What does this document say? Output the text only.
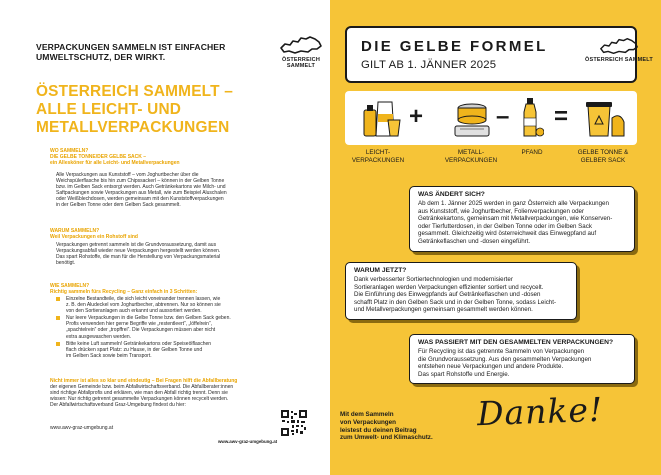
VERPACKUNGEN SAMMELN IST EINFACHER
UMWELTSCHUTZ, DER WIRKT.	ÖSTERREICH SAMMELT
ÖSTERREICH SAMMELT –
ALLE LEICHT- UND
METALLVERPACKUNGEN
WO SAMMELN?
DIE GELBE TONNE/DER GELBE SACK –
ein Allesköner für alle Leicht- und Metallverpackungen
Alle Verpackungen aus Kunststoff – vom Joghurtbecher über die
Weichspülerflasche bis hin zum Chipssackerl – können in der Gelben Tonne
bzw. im Gelben Sack entsorgt werden. Auch Getränkekartons wie Milch- und
Saftpackungen sowie Verpackungen aus Metall, wie zum Beispiel Aluschalen
oder Weißblechdosen, werden gemeinsam mit den Kunststoffverpackungen
in der Gelben Tonne oder dem Gelben Sack gesammelt.
WARUM SAMMELN?
Weil Verpackungen ein Rohstoff sind
Verpackungen getrennt sammeln ist die Grundvoraussetzung, damit aus
Verpackungsabfall wieder neue Verpackungen hergestellt werden können.
Das spart Rohstoffe, die man für die Herstellung von Verpackungsmaterial
benötigt.
WIE SAMMELN?
Richtig sammeln fürs Recycling – Ganz einfach in 3 Schritten:
Einzelne Bestandteile, die sich leicht voneinander trennen lassen, wie
z. B. den Aludeckel vom Joghurtbecher, abtrennen. Nur so können sie
von den Sortieranlagen auch erkannt und aussortiert werden.
Nur leere Verpackungen in die Gelbe Tonne bzw. den Gelben Sack geben.
Profis verwenden hier gerne Begriffe wie „restentleert“, „löffelrein“,
„spachtelrein“ oder „tropffrei“. Die Verpackungen müssen aber nicht
extra ausgewaschen werden.
Bitte keine Luft sammeln! Getränkekartons oder Speiseölflaschen
flach drücken spart Platz: zu Hause, in der Gelben Tonne und
im Gelben Sack sowie beim Transport.
Nicht immer ist alles so klar und eindeutig – Bei Fragen hilft die Abfallberatung
der eigenen Gemeinde bzw. beim Abfallwirtschaftsverband. Die Abfallberater:innen
sind richtige Abfallprofis und erklären, wie man den Abfall richtig trennt. Denn sie
wissen: Nur richtig getrennt gesammelte Verpackungen können recycelt werden.
Der Abfallwirtschaftsverband Graz-Umgebung findest du hier:
www.awv-graz-umgebung.at
www.awv-graz-umgebung.at
DIE GELBE FORMEL
GILT AB 1. JÄNNER 2025	ÖSTERREICH SAMMELT
+	– =
LEICHT-
VERPACKUNGEN
METALL-
VERPACKUNGEN
PFAND	GELBE TONNE &
GELBER SACK
WAS ÄNDERT SICH?
Ab dem 1. Jänner 2025 werden in ganz Österreich alle Verpackungen
aus Kunststoff, wie Joghurtbecher, Folienverpackungen oder
Getränkekartons, gemeinsam mit Metallverpackungen, wie Konserven-
oder Tierfutterdosen, in der Gelben Tonne oder im Gelben Sack
gesammelt. Gleichzeitig wird österreichweit das Einwegpfand auf
Getränkeflaschen und -dosen eingeführt.
WARUM JETZT?
Dank verbesserter Sortiertechnologien und modernisierter
Sortieranlagen werden Verpackungen effizienter sortiert und recycelt.
Die Einführung des Einwegpfands auf Getränkeflaschen und -dosen
schafft Platz in den Gelben Sack und in der Gelben Tonne, sodass Leicht-
und Metallverpackungen gemeinsam gesammelt werden können.
WAS PASSIERT MIT DEN GESAMMELTEN VERPACKUNGEN?
Für Recycling ist das getrennte Sammeln von Verpackungen
die Grundvoraussetzung. Aus den gesammelten Verpackungen
entstehen neue Verpackungen und andere Produkte.
Das spart Rohstoffe und Energie.
Mit dem Sammeln
von Verpackungen
leistest du deinen Beitrag
zum Umwelt- und Klimaschutz.
Danke!
